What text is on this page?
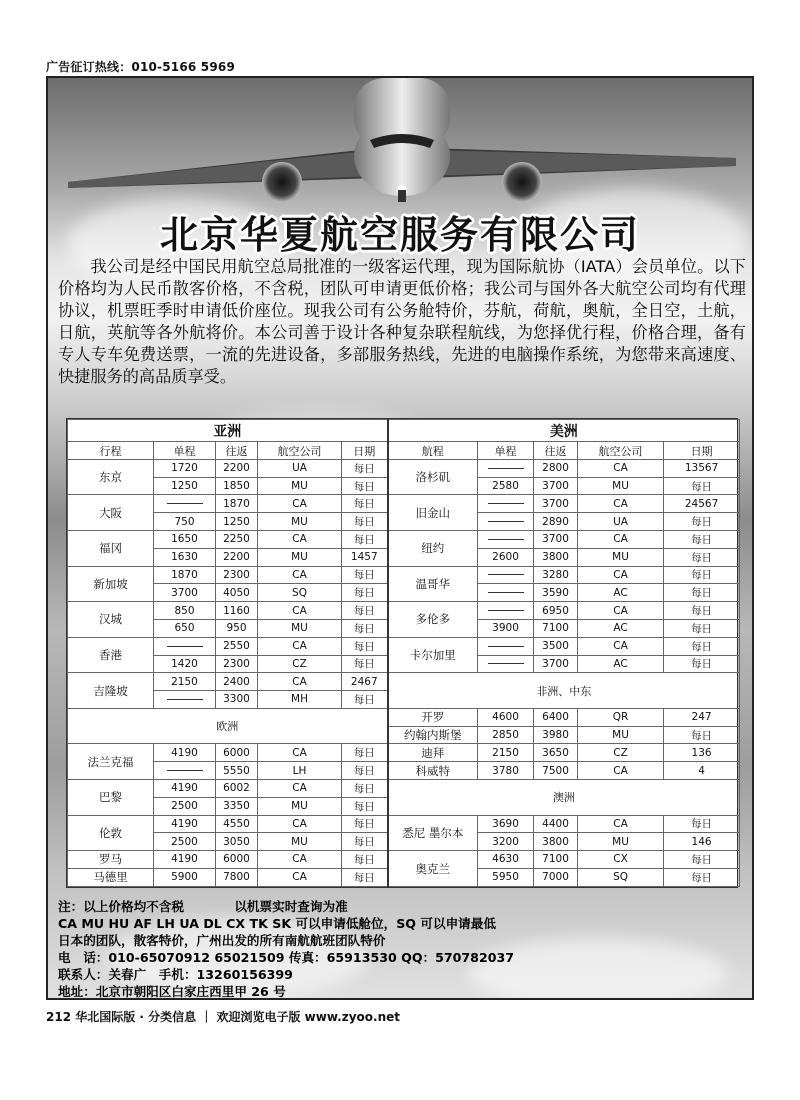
广告征订热线：010-5166 5969
北京华夏航空服务有限公司
我公司是经中国民用航空总局批准的一级客运代理，现为国际航协（IATA）会员单位。以下价格均为人民币散客价格，不含税，团队可申请更低价格；我公司与国外各大航空公司均有代理协议，机票旺季时申请低价座位。现我公司有公务舱特价，芬航，荷航，奥航，全日空，土航，日航，英航等各外航将价。本公司善于设计各种复杂联程航线，为您择优行程，价格合理，备有专人专车免费送票，一流的先进设备，多部服务热线，先进的电脑操作系统，为您带来高速度、快捷服务的高品质享受。
亚洲					美洲				
行程	单程	往返	航空公司	日期	航程	单程	往返	航空公司	日期
东京	1720	2200	UA	每日	洛杉矶		2800	CA	13567
	1250	1850	MU	每日		2580	3700	MU	每日
大阪		1870	CA	每日	旧金山		3700	CA	24567
	750	1250	MU	每日			2890	UA	每日
福冈	1650	2250	CA	每日	纽约		3700	CA	每日
	1630	2200	MU	1457		2600	3800	MU	每日
新加坡	1870	2300	CA	每日	温哥华		3280	CA	每日
	3700	4050	SQ	每日			3590	AC	每日
汉城	850	1160	CA	每日	多伦多		6950	CA	每日
	650	950	MU	每日		3900	7100	AC	每日
香港		2550	CA	每日	卡尔加里		3500	CA	每日
	1420	2300	CZ	每日			3700	AC	每日
吉隆坡	2150	2400	CA	2467	非洲、中东				
		3300	MH	每日					
欧洲					开罗	4600	6400	QR	247
					约翰内斯堡	2850	3980	MU	每日
法兰克福	4190	6000	CA	每日	迪拜	2150	3650	CZ	136
		5550	LH	每日	科威特	3780	7500	CA	4
巴黎	4190	6002	CA	每日	澳洲				
	2500	3350	MU	每日					
伦敦	4190	4550	CA	每日	悉尼 墨尔本	3690	4400	CA	每日
	2500	3050	MU	每日		3200	3800	MU	146
罗马	4190	6000	CA	每日	奥克兰	4630	7100	CX	每日
马德里	5900	7800	CA	每日		5950	7000	SQ	每日
注：以上价格均不含税　　　　以机票实时查询为准
CA MU HU AF LH UA DL CX TK SK 可以申请低舱位，SQ 可以申请最低
日本的团队，散客特价，广州出发的所有南航航班团队特价
电　话：010-65070912 65021509 传真：65913530 QQ：570782037
联系人：关春广　手机：13260156399
地址：北京市朝阳区白家庄西里甲 26 号
212 华北国际版 · 分类信息 ｜ 欢迎浏览电子版 www.zyoo.net
